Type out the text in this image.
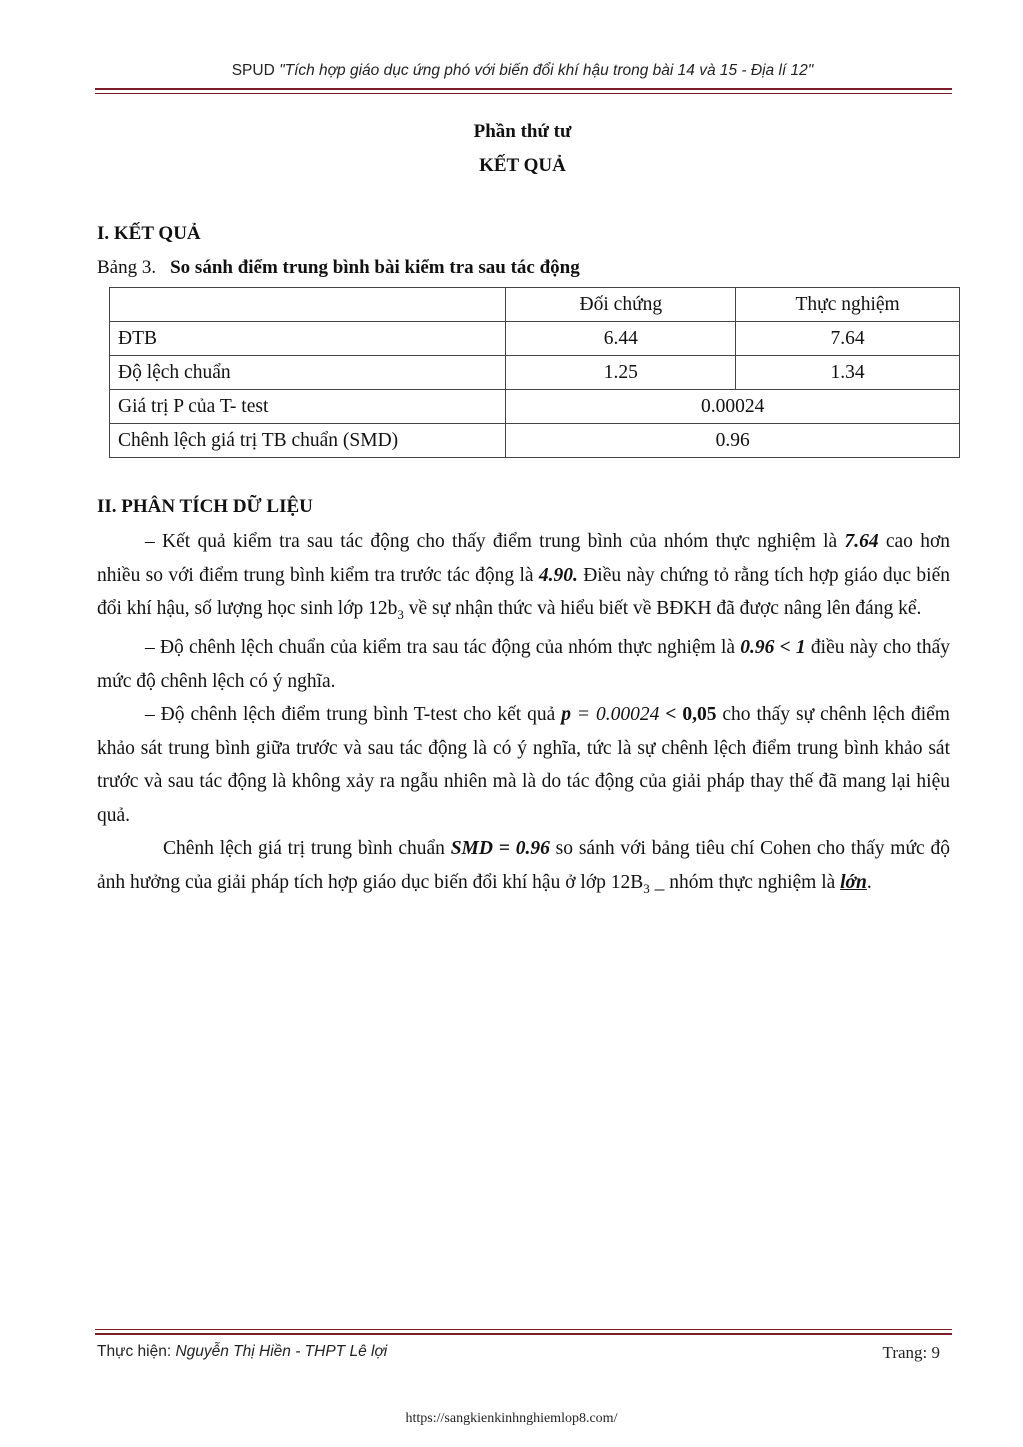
SPUD "Tích hợp giáo dục ứng phó với biến đổi khí hậu trong bài 14 và 15 - Địa lí 12"
Phần thứ tư
KẾT QUẢ
I. KẾT QUẢ
Bảng 3. So sánh điểm trung bình bài kiểm tra sau tác động
	Đối chứng	Thực nghiệm
ĐTB	6.44	7.64
Độ lệch chuẩn	1.25	1.34
Giá trị P của T- test	0.00024	
Chênh lệch giá trị TB chuẩn (SMD)	0.96	
II. PHÂN TÍCH DỮ LIỆU

– Kết quả kiểm tra sau tác động cho thấy điểm trung bình của nhóm thực nghiệm là 7.64 cao hơn nhiều so với điểm trung bình kiểm tra trước tác động là 4.90. Điều này chứng tỏ rằng tích hợp giáo dục biến đổi khí hậu, số lượng học sinh lớp $12b_3$ về sự nhận thức và hiểu biết về BĐKH đã được nâng lên đáng kể.

– Độ chênh lệch chuẩn của kiểm tra sau tác động của nhóm thực nghiệm là 0.96 < 1 điều này cho thấy mức độ chênh lệch có ý nghĩa.

– Độ chênh lệch điểm trung bình T-test cho kết quả p = 0.00024 < 0,05 cho thấy sự chênh lệch điểm khảo sát trung bình giữa trước và sau tác động là có ý nghĩa, tức là sự chênh lệch điểm trung bình khảo sát trước và sau tác động là không xảy ra ngẫu nhiên mà là do tác động của giải pháp thay thế đã mang lại hiệu quả.

Chênh lệch giá trị trung bình chuẩn SMD = 0.96 so sánh với bảng tiêu chí Cohen cho thấy mức độ ảnh hưởng của giải pháp tích hợp giáo dục biến đổi khí hậu ở lớp $12B_3$ _ nhóm thực nghiệm là lớn.

Thực hiện: Nguyễn Thị Hiền - THPT Lê lợi	Trang: 9
https://sangkienkinhnghiemlop8.com/
